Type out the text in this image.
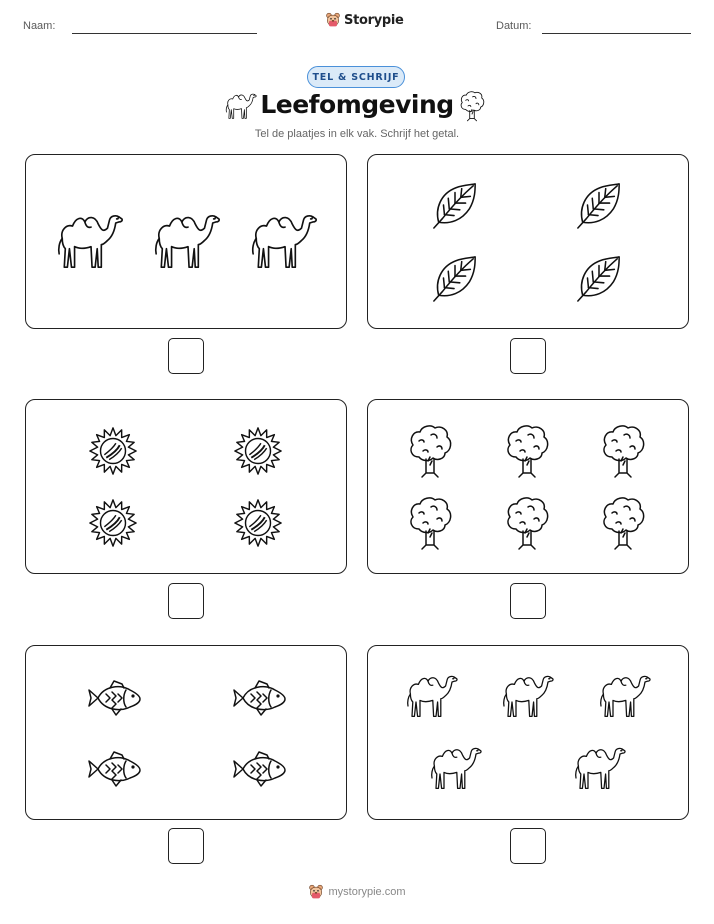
Naam:	Storypie	Datum:
TEL & SCHRIJF
Leefomgeving
Tel de plaatjes in elk vak. Schrijf het getal.
mystorypie.com
